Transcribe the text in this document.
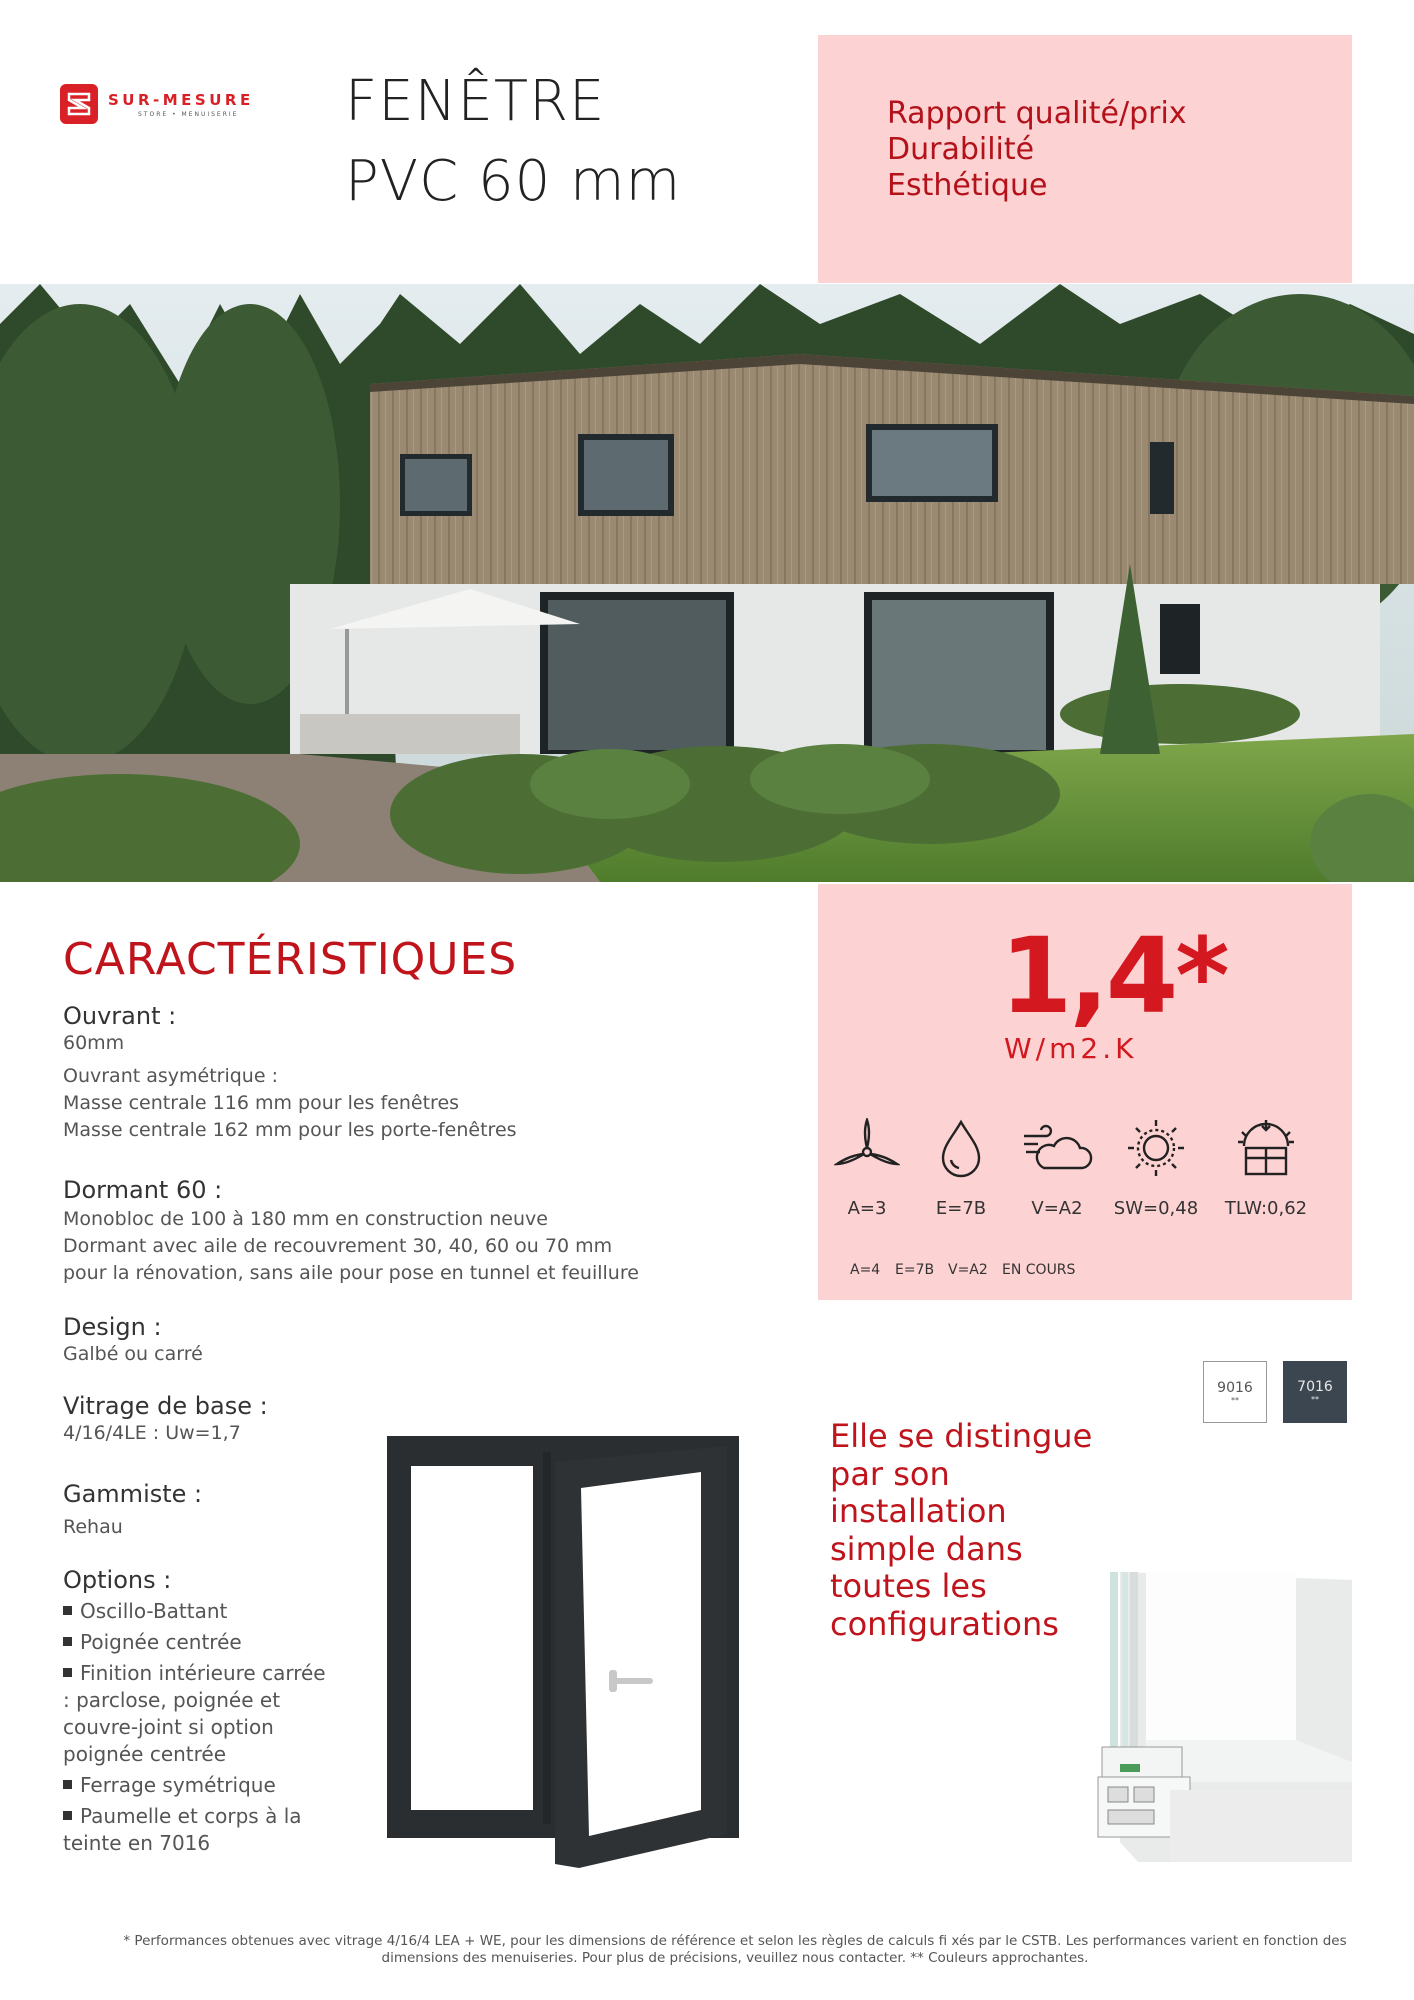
SUR-MESURE
STORE • MENUISERIE FENÊTRE
PVC 60 mm
Rapport qualité/prix
Durabilité
Esthétique
CARACTÉRISTIQUES
Ouvrant :
60mm
Ouvrant asymétrique :
Masse centrale 116 mm pour les fenêtres
Masse centrale 162 mm pour les porte-fenêtres
Dormant 60 :
Monobloc de 100 à 180 mm en construction neuve
Dormant avec aile de recouvrement 30, 40, 60 ou 70 mm
pour la rénovation, sans aile pour pose en tunnel et feuillure
Design :
Galbé ou carré
Vitrage de base :
4/16/4LE : Uw=1,7
Gammiste :
Rehau
Options :
Oscillo-Battant
Poignée centrée
Finition intérieure carrée : parclose, poignée et couvre-joint si option poignée centrée
Ferrage symétrique
Paumelle et corps à la teinte en 7016
1,4*
W/m2.K
A=3	E=7B	V=A2	SW=0,48	TLW:0,62
A=4 E=7B V=A2 EN COURS
9016
**
7016
**
Elle se distingue
par son
installation
simple dans
toutes les
configurations
* Performances obtenues avec vitrage 4/16/4 LEA + WE, pour les dimensions de référence et selon les règles de calculs fi xés par le CSTB. Les performances varient en fonction des dimensions des menuiseries. Pour plus de précisions, veuillez nous contacter. ** Couleurs approchantes.
